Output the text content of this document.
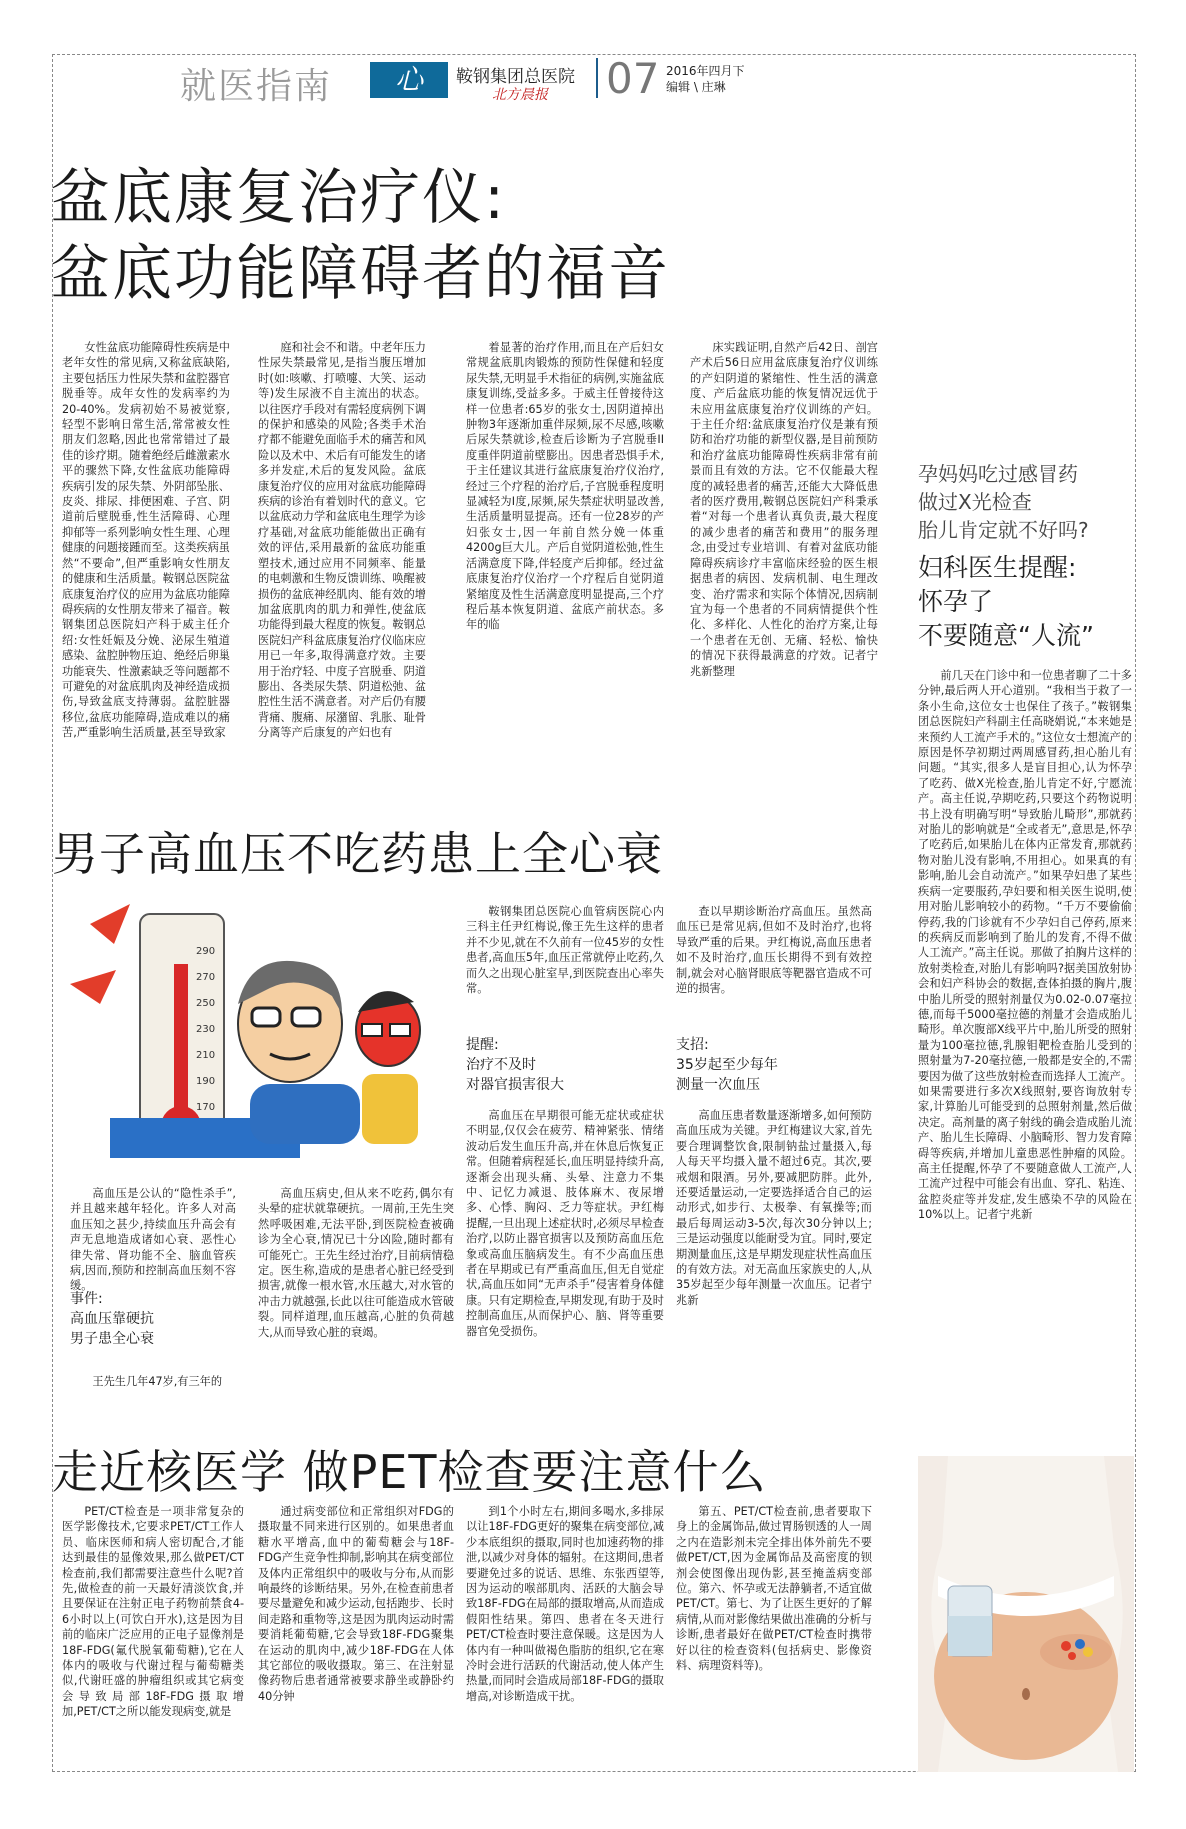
就医指南	心	鞍钢集团总医院
北方晨报 07 2016年四月下
编辑 \ 庄琳
盆底康复治疗仪:
盆底功能障碍者的福音

女性盆底功能障碍性疾病是中老年女性的常见病,又称盆底缺陷,主要包括压力性尿失禁和盆腔器官脱垂等。成年女性的发病率约为20-40%。发病初始不易被觉察,轻型不影响日常生活,常常被女性朋友们忽略,因此也常常错过了最佳的诊疗期。随着绝经后雌激素水平的骤然下降,女性盆底功能障碍疾病引发的尿失禁、外阴部坠胀、皮炎、排尿、排便困难、子宫、阴道前后壁脱垂,性生活障碍、心理抑郁等一系列影响女性生理、心理健康的问题接踵而至。这类疾病虽然“不要命”,但严重影响女性朋友的健康和生活质量。鞍钢总医院盆底康复治疗仪的应用为盆底功能障碍疾病的女性朋友带来了福音。鞍钢集团总医院妇产科于威主任介绍:女性妊娠及分娩、泌尿生殖道感染、盆腔肿物压迫、绝经后卵巢功能衰失、性激素缺乏等问题都不可避免的对盆底肌肉及神经造成损伤,导致盆底支持薄弱。盆腔脏器移位,盆底功能障碍,造成难以的痛苦,严重影响生活质量,甚至导致家

庭和社会不和谐。中老年压力性尿失禁最常见,是指当腹压增加时(如:咳嗽、打喷嚏、大笑、运动等)发生尿液不自主流出的状态。以往医疗手段对有需轻度病例下调的保护和感染的风险;各类手术治疗都不能避免面临手术的痛苦和风险以及术中、术后有可能发生的诸多并发症,术后的复发风险。盆底康复治疗仪的应用对盆底功能障碍疾病的诊治有着划时代的意义。它以盆底动力学和盆底电生理学为诊疗基础,对盆底功能能做出正确有效的评估,采用最新的盆底功能重塑技术,通过应用不同频率、能量的电刺激和生物反馈训练、唤醒被损伤的盆底神经肌肉、能有效的增加盆底肌肉的肌力和弹性,使盆底功能得到最大程度的恢复。鞍钢总医院妇产科盆底康复治疗仪临床应用已一年多,取得满意疗效。主要用于治疗轻、中度子宫脱垂、阴道膨出、各类尿失禁、阴道松弛、盆腔性生活不满意者。对产后仍有腰背痛、腹痛、尿潴留、乳胀、耻骨分离等产后康复的产妇也有

着显著的治疗作用,而且在产后妇女常规盆底肌肉锻炼的预防性保健和轻度尿失禁,无明显手术指征的病例,实施盆底康复训练,受益多多。于威主任曾接待这样一位患者:65岁的张女士,因阴道掉出肿物3年逐渐加重伴尿频,尿不尽感,咳嗽后尿失禁就诊,检查后诊断为子宫脱垂II度重伴阴道前壁膨出。因患者恐惧手术,于主任建议其进行盆底康复治疗仪治疗,经过三个疗程的治疗后,子宫脱垂程度明显减轻为I度,尿频,尿失禁症状明显改善,生活质量明显提高。还有一位28岁的产妇张女士,因一年前自然分娩一体重4200g巨大儿。产后自觉阴道松弛,性生活满意度下降,伴轻度产后抑郁。经过盆底康复治疗仪治疗一个疗程后自觉阴道紧缩度及性生活满意度明显提高,三个疗程后基本恢复阴道、盆底产前状态。多年的临

床实践证明,自然产后42日、剖宫产术后56日应用盆底康复治疗仪训练的产妇阴道的紧缩性、性生活的满意度、产后盆底功能的恢复情况远优于未应用盆底康复治疗仪训练的产妇。于主任介绍:盆底康复治疗仪是兼有预防和治疗功能的新型仪器,是目前预防和治疗盆底功能障碍性疾病非常有前景而且有效的方法。它不仅能最大程度的减轻患者的痛苦,还能大大降低患者的医疗费用,鞍钢总医院妇产科秉承着“对每一个患者认真负责,最大程度的减少患者的痛苦和费用”的服务理念,由受过专业培训、有着对盆底功能障碍疾病诊疗丰富临床经验的医生根据患者的病因、发病机制、电生理改变、治疗需求和实际个体情况,因病制宜为每一个患者的不同病情提供个性化、多样化、人性化的治疗方案,让每一个患者在无创、无痛、轻松、愉快的情况下获得最满意的疗效。记者宁兆新整理

孕妈妈吃过感冒药
做过X光检查
胎儿肯定就不好吗?
妇科医生提醒:
怀孕了
不要随意“人流”

前几天在门诊中和一位患者聊了二十多分钟,最后两人开心道别。“我相当于救了一条小生命,这位女士也保住了孩子。”鞍钢集团总医院妇产科副主任高晓娟说,“本来她是来预约人工流产手术的。”这位女士想流产的原因是怀孕初期过两周感冒药,担心胎儿有问题。“其实,很多人是盲目担心,认为怀孕了吃药、做X光检查,胎儿肯定不好,宁愿流产。高主任说,孕期吃药,只要这个药物说明书上没有明确写明“导致胎儿畸形”,那就药对胎儿的影响就是“全或者无”,意思是,怀孕了吃药后,如果胎儿在体内正常发育,那就药物对胎儿没有影响,不用担心。如果真的有影响,胎儿会自动流产。”如果孕妇患了某些疾病一定要服药,孕妇要和相关医生说明,使用对胎儿影响较小的药物。“千万不要偷偷停药,我的门诊就有不少孕妇自己停药,原来的疾病反而影响到了胎儿的发育,不得不做人工流产。”高主任说。那做了拍胸片这样的放射类检查,对胎儿有影响吗?据美国放射协会和妇产科协会的数据,查体拍摄的胸片,腹中胎儿所受的照射剂量仅为0.02-0.07毫拉德,而每千5000毫拉德的剂量才会造成胎儿畸形。单次腹部X线平片中,胎儿所受的照射量为100毫拉德,乳腺钼靶检查胎儿受到的照射量为7-20毫拉德,一般都是安全的,不需要因为做了这些放射检查而选择人工流产。如果需要进行多次X线照射,要咨询放射专家,计算胎儿可能受到的总照射剂量,然后做决定。高剂量的离子射线的确会造成胎儿流产、胎儿生长障碍、小脑畸形、智力发育障碍等疾病,并增加儿童患恶性肿瘤的风险。高主任提醒,怀孕了不要随意做人工流产,人工流产过程中可能会有出血、穿孔、粘连、盆腔炎症等并发症,发生感染不孕的风险在10%以上。记者宁兆新

男子高血压不吃药患上全心衰
290
270
250
230
210
190
170

高血压是公认的“隐性杀手”,并且越来越年轻化。许多人对高血压知之甚少,持续血压升高会有声无息地造成诸如心衰、恶性心律失常、肾功能不全、脑血管疾病,因而,预防和控制高血压刻不容缓。

事件:
高血压靠硬抗
男子患全心衰

王先生几年47岁,有三年的

高血压病史,但从来不吃药,偶尔有头晕的症状就靠硬抗。一周前,王先生突然呼吸困难,无法平卧,到医院检查被确诊为全心衰,情况已十分凶险,随时都有可能死亡。王先生经过治疗,目前病情稳定。医生称,造成的是患者心脏已经受到损害,就像一根水管,水压越大,对水管的冲击力就越强,长此以往可能造成水管破裂。同样道理,血压越高,心脏的负荷越大,从而导致心脏的衰竭。

鞍钢集团总医院心血管病医院心内三科主任尹红梅说,像王先生这样的患者并不少见,就在不久前有一位45岁的女性患者,高血压5年,血压正常就停止吃药,久而久之出现心脏室早,到医院查出心率失常。

提醒:
治疗不及时
对器官损害很大

高血压在早期很可能无症状或症状不明显,仅仅会在疲劳、精神紧张、情绪波动后发生血压升高,并在休息后恢复正常。但随着病程延长,血压明显持续升高,逐渐会出现头痛、头晕、注意力不集中、记忆力减退、肢体麻木、夜尿增多、心悸、胸闷、乏力等症状。尹红梅提醒,一旦出现上述症状时,必须尽早检查治疗,以防止器官损害以及预防高血压危象或高血压脑病发生。有不少高血压患者在早期或已有严重高血压,但无自觉症状,高血压如同“无声杀手”侵害着身体健康。只有定期检查,早期发现,有助于及时控制高血压,从而保护心、脑、肾等重要器官免受损伤。

查以早期诊断治疗高血压。虽然高血压已是常见病,但如不及时治疗,也将导致严重的后果。尹红梅说,高血压患者如不及时治疗,血压长期得不到有效控制,就会对心脑肾眼底等靶器官造成不可逆的损害。

支招:
35岁起至少每年
测量一次血压

高血压患者数量逐渐增多,如何预防高血压成为关键。尹红梅建议大家,首先要合理调整饮食,限制钠盐过量摄入,每人每天平均摄入量不超过6克。其次,要戒烟和限酒。另外,要减肥防胖。此外,还要适量运动,一定要选择适合自己的运动形式,如步行、太极拳、有氧操等;而最后每周运动3-5次,每次30分钟以上;三是运动强度以能耐受为宜。同时,要定期测量血压,这是早期发现症状性高血压的有效方法。对无高血压家族史的人,从35岁起至少每年测量一次血压。记者宁兆新

走近核医学 做PET检查要注意什么

PET/CT检查是一项非常复杂的医学影像技术,它要求PET/CT工作人员、临床医师和病人密切配合,才能达到最佳的显像效果,那么做PET/CT检查前,我们都需要注意些什么呢?首先,做检查的前一天最好清淡饮食,并且要保证在注射正电子药物前禁食4-6小时以上(可饮白开水),这是因为目前的临床广泛应用的正电子显像剂是18F-FDG(氟代脱氧葡萄糖),它在人体内的吸收与代谢过程与葡萄糖类似,代谢旺盛的肿瘤组织或其它病变会导致局部18F-FDG摄取增加,PET/CT之所以能发现病变,就是

通过病变部位和正常组织对FDG的摄取量不同来进行区别的。如果患者血糖水平增高,血中的葡萄糖会与18F-FDG产生竞争性抑制,影响其在病变部位及体内正常组织中的吸收与分布,从而影响最终的诊断结果。另外,在检查前患者要尽量避免和减少运动,包括跑步、长时间走路和重物等,这是因为肌肉运动时需要消耗葡萄糖,它会导致18F-FDG聚集在运动的肌肉中,减少18F-FDG在人体其它部位的吸收摄取。第三、在注射显像药物后患者通常被要求静坐或静卧约40分钟

到1个小时左右,期间多喝水,多排尿以让18F-FDG更好的聚集在病变部位,减少本底组织的摄取,同时也加速药物的排泄,以减少对身体的辐射。在这期间,患者要避免过多的说话、思维、东张西望等,因为运动的喉部肌肉、活跃的大脑会导致18F-FDG在局部的摄取增高,从而造成假阳性结果。第四、患者在冬天进行PET/CT检查时要注意保暖。这是因为人体内有一种叫做褐色脂肪的组织,它在寒冷时会进行活跃的代谢活动,使人体产生热量,而同时会造成局部18F-FDG的摄取增高,对诊断造成干扰。

第五、PET/CT检查前,患者要取下身上的金属饰品,做过胃肠钡透的人一周之内在造影剂未完全排出体外前先不要做PET/CT,因为金属饰品及高密度的钡剂会使图像出现伪影,甚至掩盖病变部位。第六、怀孕或无法静躺者,不适宜做PET/CT。第七、为了让医生更好的了解病情,从而对影像结果做出准确的分析与诊断,患者最好在做PET/CT检查时携带好以往的检查资料(包括病史、影像资料、病理资料等)。
